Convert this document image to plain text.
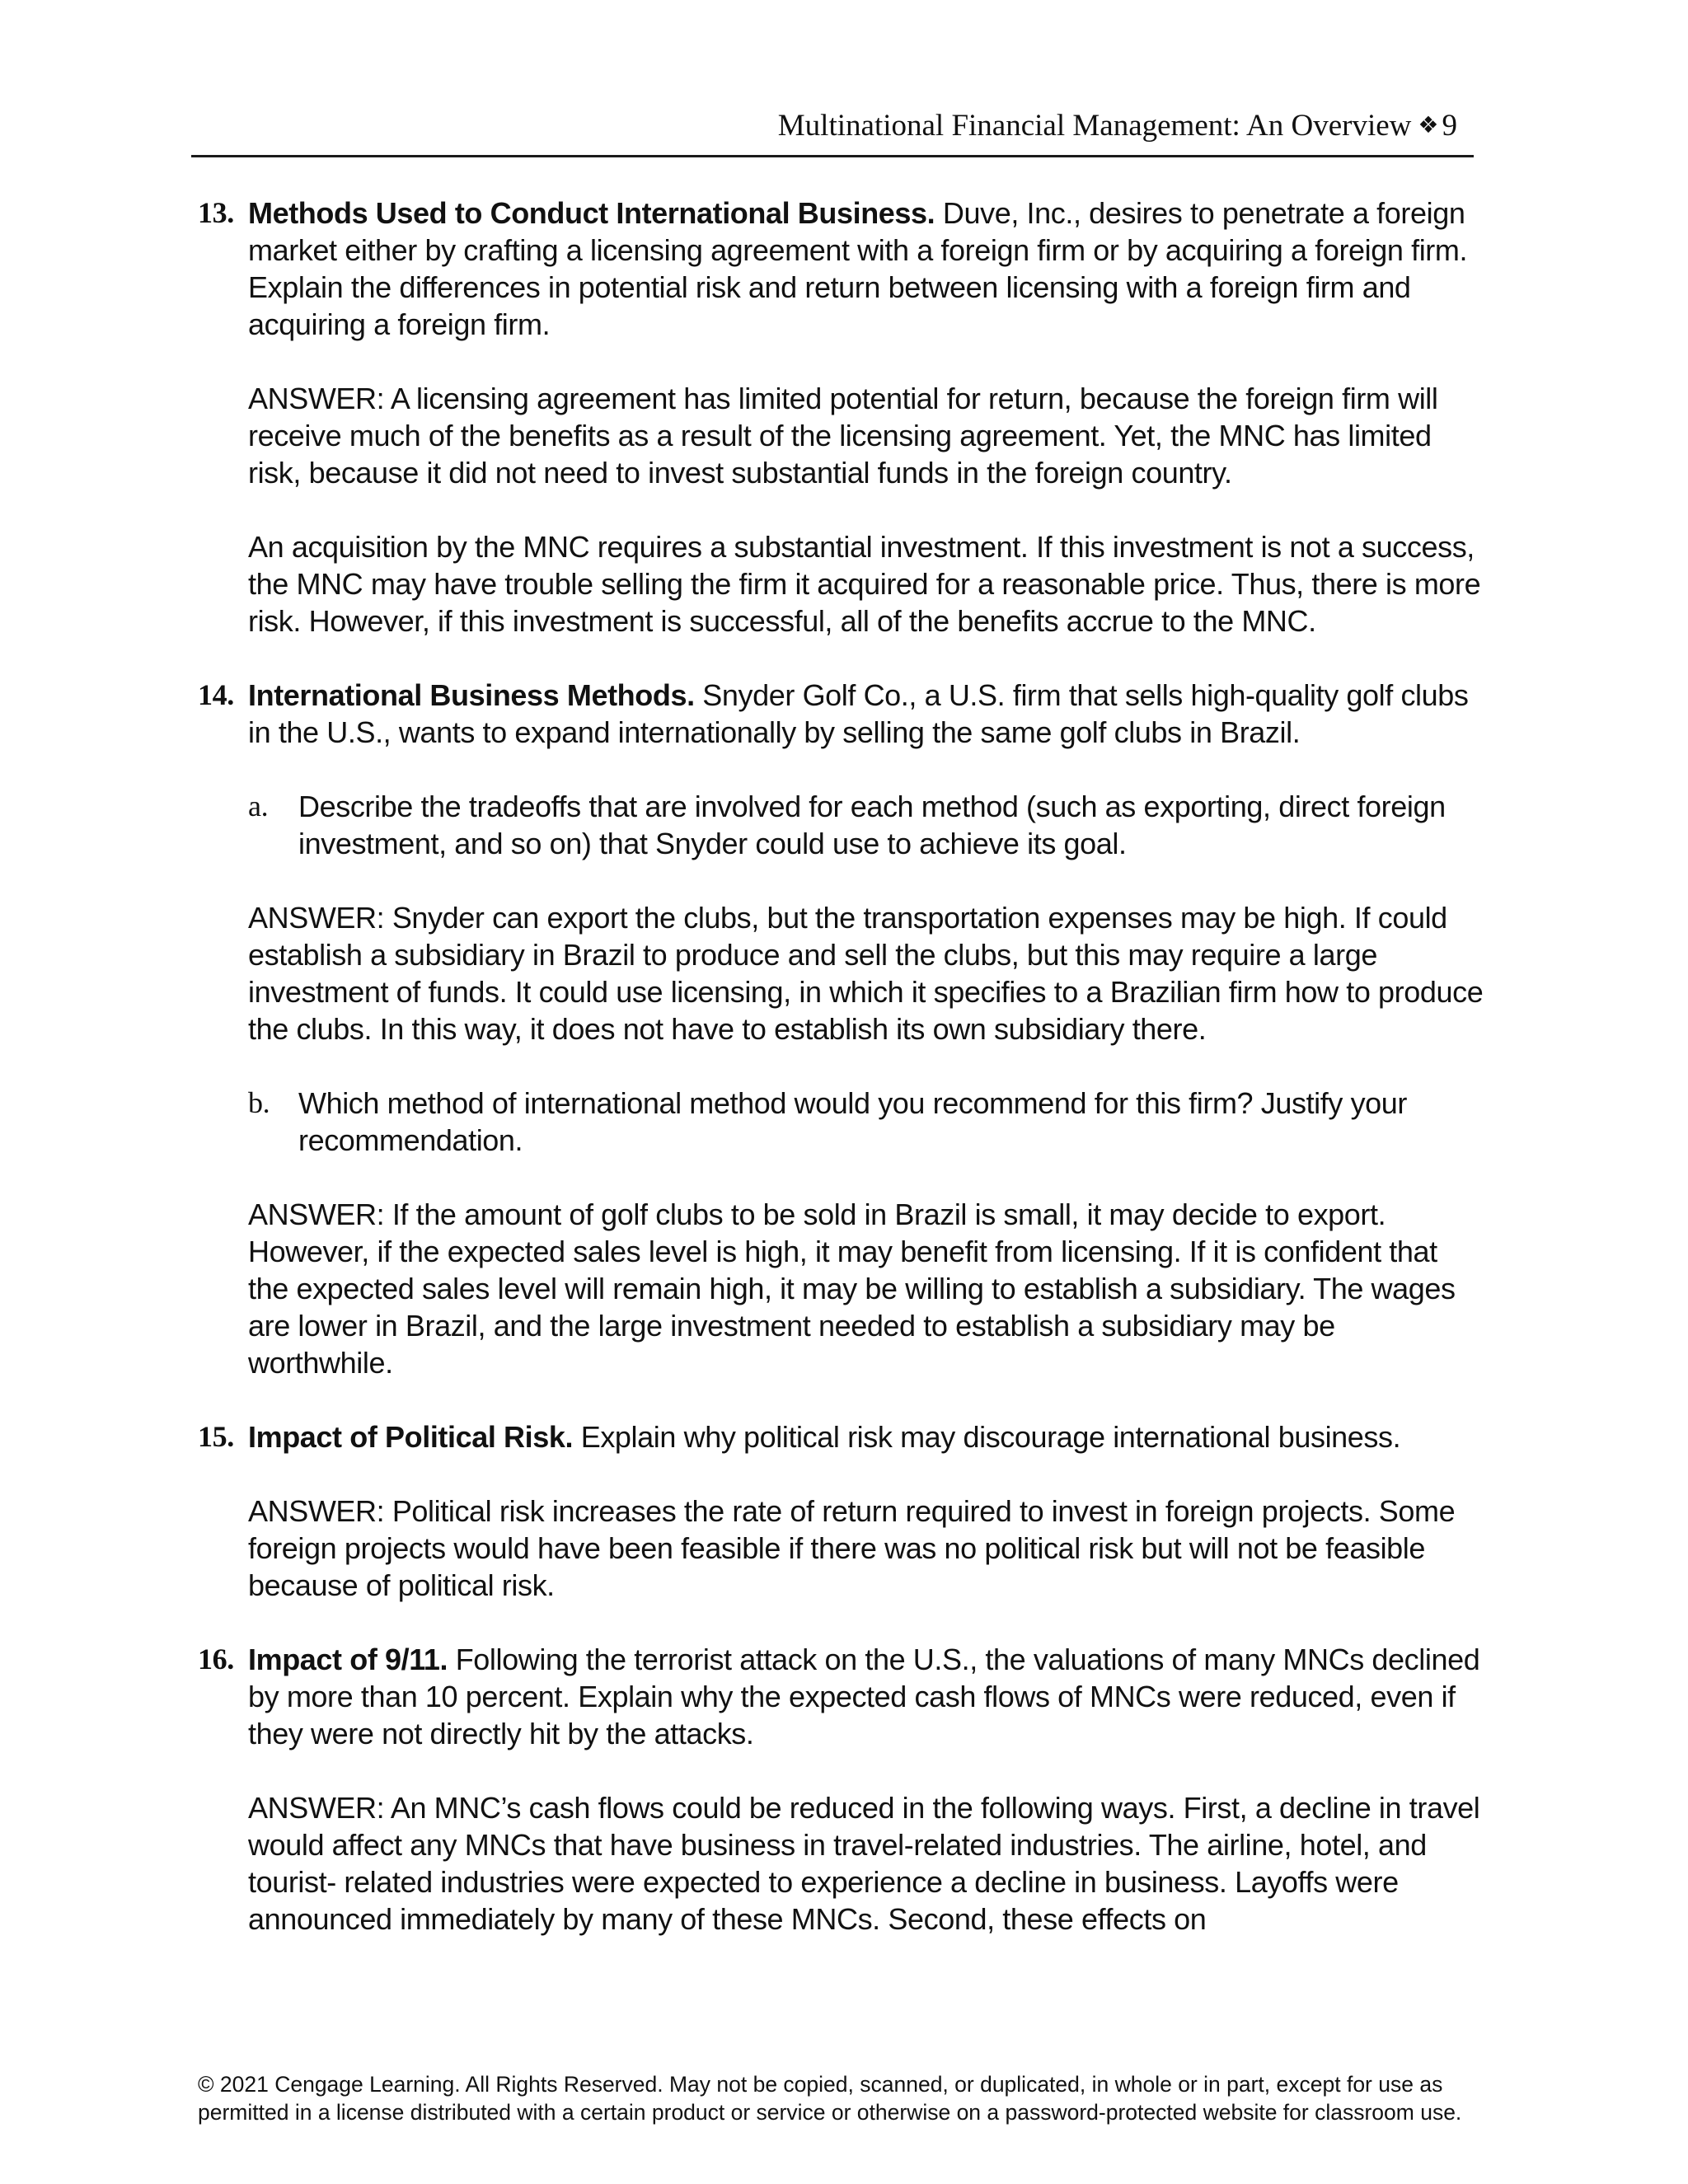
Multinational Financial Management: An Overview ❖ 9
13. Methods Used to Conduct International Business. Duve, Inc., desires to penetrate a foreign market either by crafting a licensing agreement with a foreign firm or by acquiring a foreign firm. Explain the differences in potential risk and return between licensing with a foreign firm and acquiring a foreign firm.
ANSWER: A licensing agreement has limited potential for return, because the foreign firm will receive much of the benefits as a result of the licensing agreement. Yet, the MNC has limited risk, because it did not need to invest substantial funds in the foreign country.
An acquisition by the MNC requires a substantial investment. If this investment is not a success, the MNC may have trouble selling the firm it acquired for a reasonable price. Thus, there is more risk. However, if this investment is successful, all of the benefits accrue to the MNC.
14. International Business Methods. Snyder Golf Co., a U.S. firm that sells high-quality golf clubs in the U.S., wants to expand internationally by selling the same golf clubs in Brazil.
a. Describe the tradeoffs that are involved for each method (such as exporting, direct foreign investment, and so on) that Snyder could use to achieve its goal.
ANSWER: Snyder can export the clubs, but the transportation expenses may be high. If could establish a subsidiary in Brazil to produce and sell the clubs, but this may require a large investment of funds. It could use licensing, in which it specifies to a Brazilian firm how to produce the clubs. In this way, it does not have to establish its own subsidiary there.
b. Which method of international method would you recommend for this firm? Justify your recommendation.
ANSWER: If the amount of golf clubs to be sold in Brazil is small, it may decide to export. However, if the expected sales level is high, it may benefit from licensing. If it is confident that the expected sales level will remain high, it may be willing to establish a subsidiary. The wages are lower in Brazil, and the large investment needed to establish a subsidiary may be worthwhile.
15. Impact of Political Risk. Explain why political risk may discourage international business.
ANSWER: Political risk increases the rate of return required to invest in foreign projects. Some foreign projects would have been feasible if there was no political risk but will not be feasible because of political risk.
16. Impact of 9/11. Following the terrorist attack on the U.S., the valuations of many MNCs declined by more than 10 percent. Explain why the expected cash flows of MNCs were reduced, even if they were not directly hit by the attacks.
ANSWER: An MNC’s cash flows could be reduced in the following ways. First, a decline in travel would affect any MNCs that have business in travel-related industries. The airline, hotel, and tourist- related industries were expected to experience a decline in business. Layoffs were announced immediately by many of these MNCs. Second, these effects on
© 2021 Cengage Learning. All Rights Reserved. May not be copied, scanned, or duplicated, in whole or in part, except for use as
permitted in a license distributed with a certain product or service or otherwise on a password-protected website for classroom use.
